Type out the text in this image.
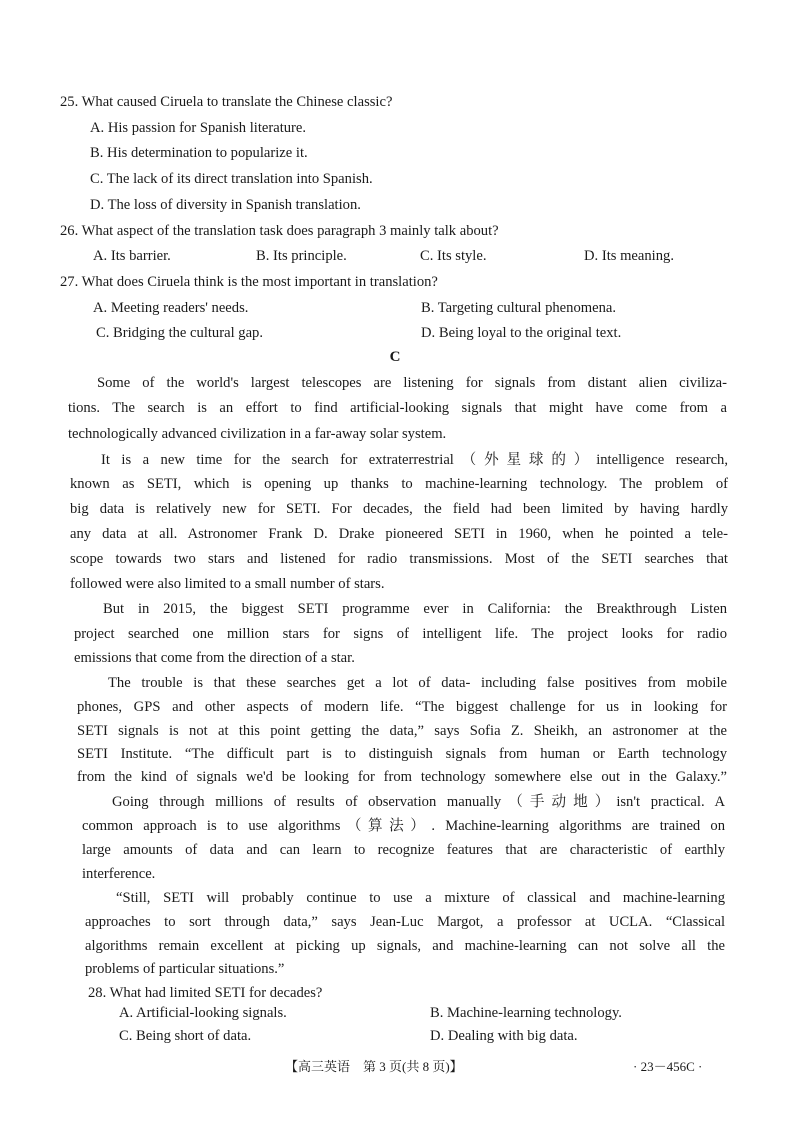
25. What caused Ciruela to translate the Chinese classic?
A. His passion for Spanish literature.
B. His determination to popularize it.
C. The lack of its direct translation into Spanish.
D. The loss of diversity in Spanish translation.
26. What aspect of the translation task does paragraph 3 mainly talk about?
A. Its barrier.	B. Its principle.	C. Its style.	D. Its meaning.
27. What does Ciruela think is the most important in translation?
A. Meeting readers' needs.	B. Targeting cultural phenomena.
C. Bridging the cultural gap.	D. Being loyal to the original text.
C
Some of the world's largest telescopes are listening for signals from distant alien civiliza-
tions. The search is an effort to find artificial-looking signals that might have come from a
technologically advanced civilization in a far-away solar system.
It is a new time for the search for extraterrestrial（外星球的）intelligence research,
known as SETI, which is opening up thanks to machine-learning technology. The problem of
big data is relatively new for SETI. For decades, the field had been limited by having hardly
any data at all. Astronomer Frank D. Drake pioneered SETI in 1960, when he pointed a tele-
scope towards two stars and listened for radio transmissions. Most of the SETI searches that
followed were also limited to a small number of stars.
But in 2015, the biggest SETI programme ever in California: the Breakthrough Listen
project searched one million stars for signs of intelligent life. The project looks for radio
emissions that come from the direction of a star.
The trouble is that these searches get a lot of data- including false positives from mobile
phones, GPS and other aspects of modern life. “The biggest challenge for us in looking for
SETI signals is not at this point getting the data,” says Sofia Z. Sheikh, an astronomer at the
SETI Institute. “The difficult part is to distinguish signals from human or Earth technology
from the kind of signals we'd be looking for from technology somewhere else out in the Galaxy.”
Going through millions of results of observation manually（手动地）isn't practical. A
common approach is to use algorithms（算法）. Machine-learning algorithms are trained on
large amounts of data and can learn to recognize features that are characteristic of earthly
interference.
“Still, SETI will probably continue to use a mixture of classical and machine-learning
approaches to sort through data,” says Jean-Luc Margot, a professor at UCLA. “Classical
algorithms remain excellent at picking up signals, and machine-learning can not solve all the
problems of particular situations.”
28. What had limited SETI for decades?
A. Artificial-looking signals.	B. Machine-learning technology.
C. Being short of data.	D. Dealing with big data.
【高三英语　第 3 页(共 8 页)】	· 23－456C ·
